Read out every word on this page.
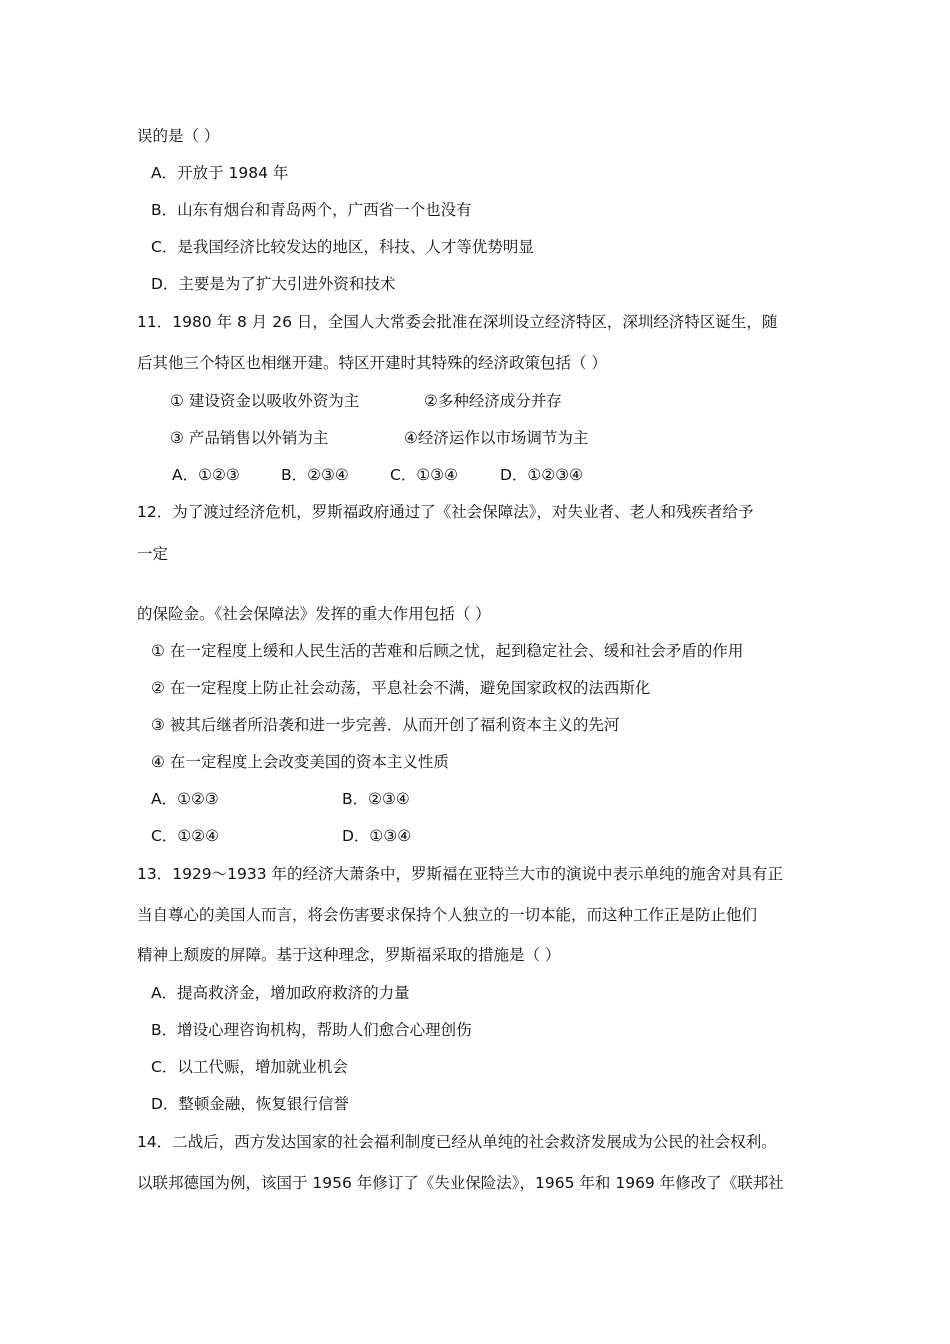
误的是（ ）
A．开放于 1984 年
B．山东有烟台和青岛两个，广西省一个也没有
C．是我国经济比较发达的地区，科技、人才等优势明显
D．主要是为了扩大引进外资和技术
11．1980 年 8 月 26 日，全国人大常委会批准在深圳设立经济特区，深圳经济特区诞生，随
后其他三个特区也相继开建。特区开建时其特殊的经济政策包括（ ）
① 建设资金以吸收外资为主	②多种经济成分并存
③ 产品销售以外销为主	④经济运作以市场调节为主
A．①②③	B．②③④	C．①③④	D．①②③④
12．为了渡过经济危机，罗斯福政府通过了《社会保障法》，对失业者、老人和残疾者给予
一定
的保险金。《社会保障法》发挥的重大作用包括（ ）
① 在一定程度上缓和人民生活的苦难和后顾之忧，起到稳定社会、缓和社会矛盾的作用
② 在一定程度上防止社会动荡，平息社会不满，避免国家政权的法西斯化
③ 被其后继者所沿袭和进一步完善．从而开创了福利资本主义的先河
④ 在一定程度上会改变美国的资本主义性质
A．①②③	B．②③④
C．①②④	D．①③④
13．1929～1933 年的经济大萧条中，罗斯福在亚特兰大市的演说中表示单纯的施舍对具有正
当自尊心的美国人而言，将会伤害要求保持个人独立的一切本能，而这种工作正是防止他们
精神上颓废的屏障。基于这种理念，罗斯福采取的措施是（ ）
A．提高救济金，增加政府救济的力量
B．增设心理咨询机构，帮助人们愈合心理创伤
C．以工代赈，增加就业机会
D．整顿金融，恢复银行信誉
14．二战后，西方发达国家的社会福利制度已经从单纯的社会救济发展成为公民的社会权利。
以联邦德国为例，该国于 1956 年修订了《失业保险法》，1965 年和 1969 年修改了《联邦社
